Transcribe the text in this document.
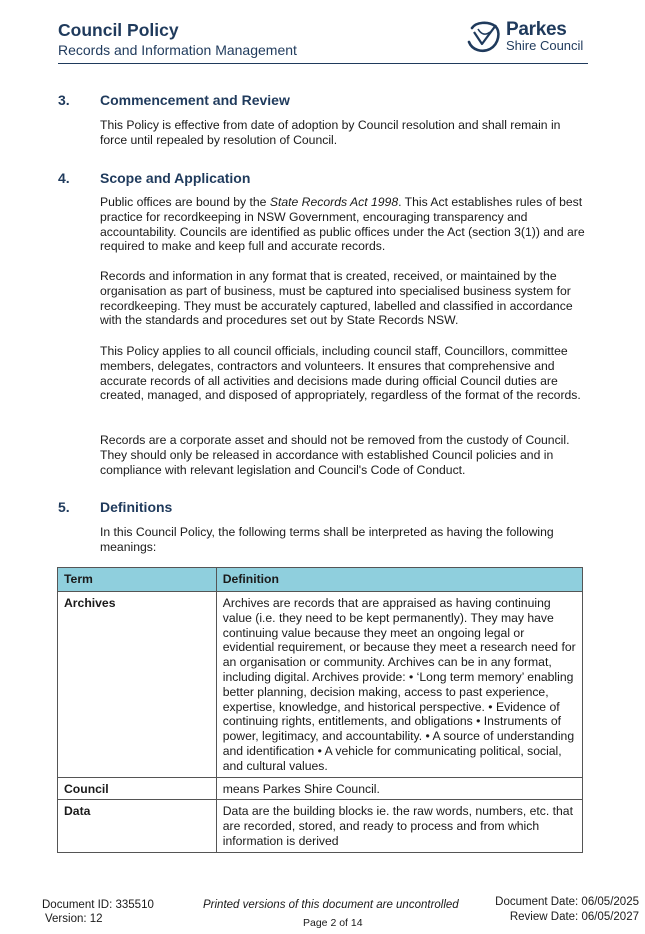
Council Policy
Records and Information Management
Parkes
Shire Council
3. Commencement and Review
This Policy is effective from date of adoption by Council resolution and shall remain in force until repealed by resolution of Council.
4. Scope and Application
Public offices are bound by the State Records Act 1998. This Act establishes rules of best practice for recordkeeping in NSW Government, encouraging transparency and accountability. Councils are identified as public offices under the Act (section 3(1)) and are required to make and keep full and accurate records.
Records and information in any format that is created, received, or maintained by the organisation as part of business, must be captured into specialised business system for recordkeeping. They must be accurately captured, labelled and classified in accordance with the standards and procedures set out by State Records NSW.
This Policy applies to all council officials, including council staff, Councillors, committee members, delegates, contractors and volunteers. It ensures that comprehensive and accurate records of all activities and decisions made during official Council duties are created, managed, and disposed of appropriately, regardless of the format of the records.
Records are a corporate asset and should not be removed from the custody of Council. They should only be released in accordance with established Council policies and in compliance with relevant legislation and Council's Code of Conduct.
5. Definitions
In this Council Policy, the following terms shall be interpreted as having the following meanings:
Term	Definition
Archives	Archives are records that are appraised as having continuing value (i.e. they need to be kept permanently). They may have continuing value because they meet an ongoing legal or evidential requirement, or because they meet a research need for an organisation or community. Archives can be in any format, including digital. Archives provide: • ‘Long term memory’ enabling better planning, decision making, access to past experience, expertise, knowledge, and historical perspective. • Evidence of continuing rights, entitlements, and obligations • Instruments of power, legitimacy, and accountability. • A source of understanding and identification • A vehicle for communicating political, social, and cultural values.
Council	means Parkes Shire Council.
Data	Data are the building blocks ie. the raw words, numbers, etc. that are recorded, stored, and ready to process and from which information is derived
Document ID: 335510
Version: 12
Printed versions of this document are uncontrolled
Page 2 of 14
Document Date: 06/05/2025
Review Date: 06/05/2027
